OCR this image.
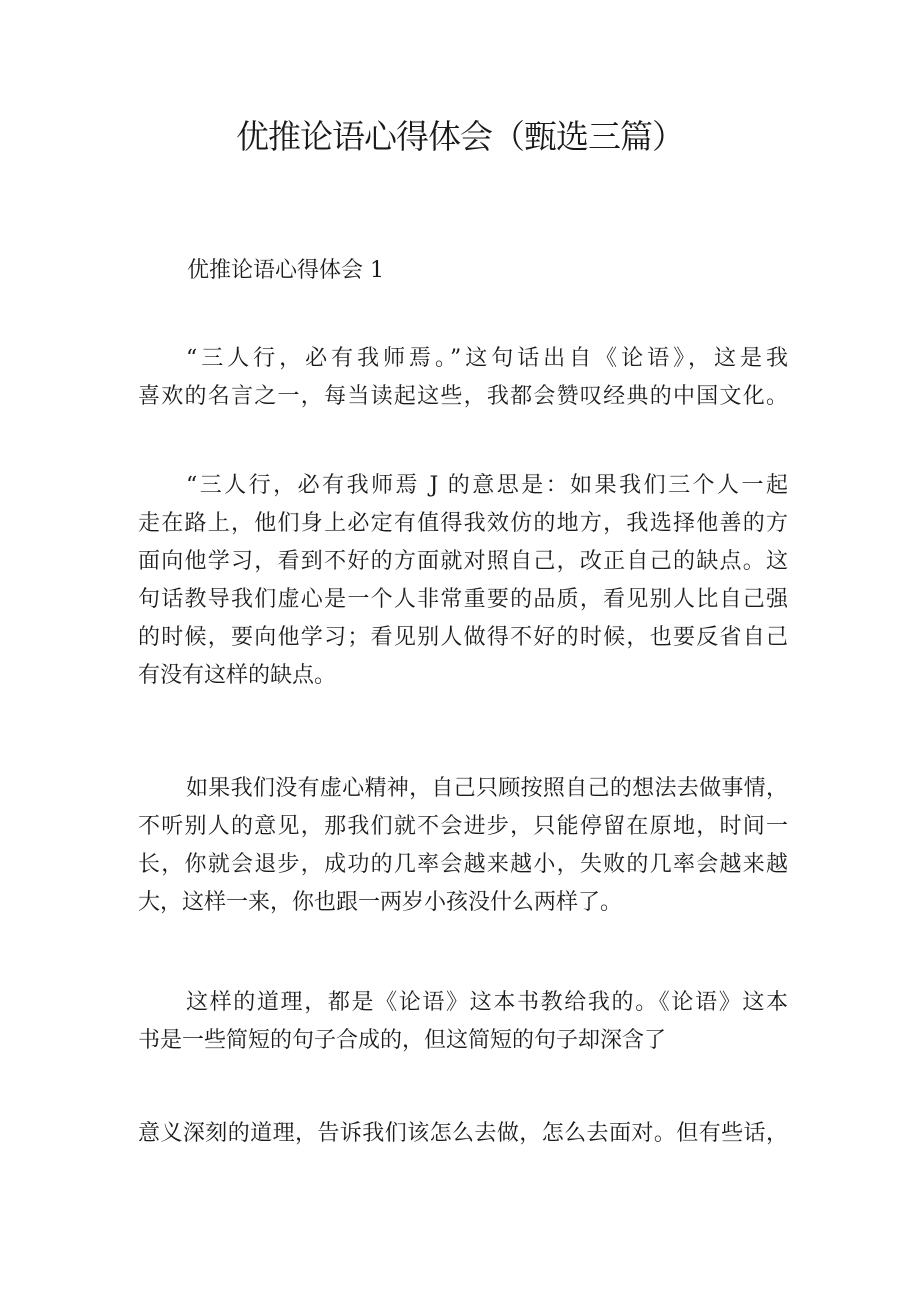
优推论语心得体会（甄选三篇）
优推论语心得体会 1
“三人行，必有我师焉。”这句话出自《论语》，这是我
喜欢的名言之一，每当读起这些，我都会赞叹经典的中国文化。
“三人行，必有我师焉 J 的意思是：如果我们三个人一起
走在路上，他们身上必定有值得我效仿的地方，我选择他善的方
面向他学习，看到不好的方面就对照自己，改正自己的缺点。这
句话教导我们虚心是一个人非常重要的品质，看见别人比自己强
的时候，要向他学习；看见别人做得不好的时候，也要反省自己
有没有这样的缺点。
如果我们没有虚心精神，自己只顾按照自己的想法去做事情，
不听别人的意见，那我们就不会进步，只能停留在原地，时间一
长，你就会退步，成功的几率会越来越小，失败的几率会越来越
大，这样一来，你也跟一两岁小孩没什么两样了。
这样的道理，都是《论语》这本书教给我的。《论语》这本
书是一些简短的句子合成的，但这简短的句子却深含了
意义深刻的道理，告诉我们该怎么去做，怎么去面对。但有些话，
